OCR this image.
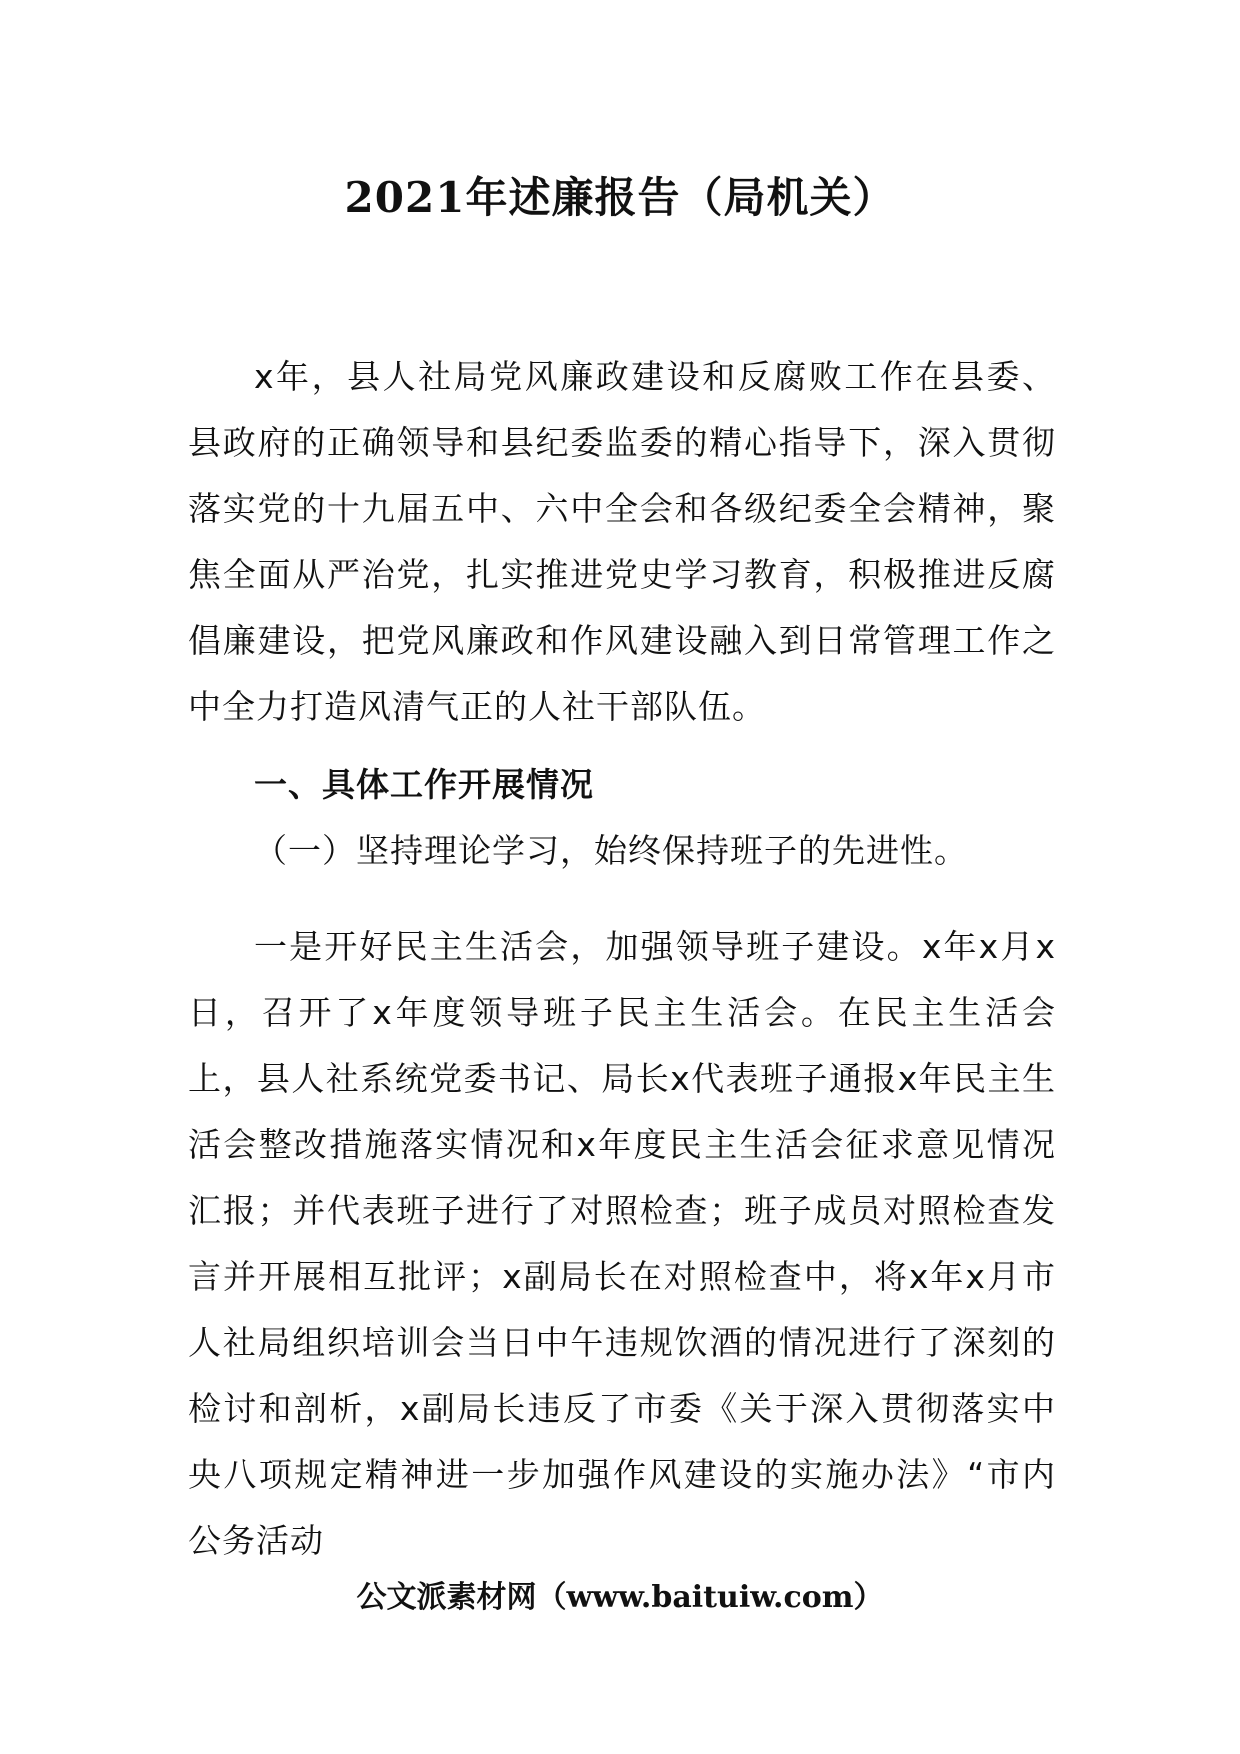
2021年述廉报告（局机关）

x年，县人社局党风廉政建设和反腐败工作在县委、县政府的正确领导和县纪委监委的精心指导下，深入贯彻落实党的十九届五中、六中全会和各级纪委全会精神，聚焦全面从严治党，扎实推进党史学习教育，积极推进反腐倡廉建设，把党风廉政和作风建设融入到日常管理工作之中全力打造风清气正的人社干部队伍。

一、具体工作开展情况
（一）坚持理论学习，始终保持班子的先进性。

一是开好民主生活会，加强领导班子建设。x年x月x日，召开了x年度领导班子民主生活会。在民主生活会上，县人社系统党委书记、局长x代表班子通报x年民主生活会整改措施落实情况和x年度民主生活会征求意见情况汇报；并代表班子进行了对照检查；班子成员对照检查发言并开展相互批评；x副局长在对照检查中，将x年x月市人社局组织培训会当日中午违规饮酒的情况进行了深刻的检讨和剖析，x副局长违反了市委《关于深入贯彻落实中央八项规定精神进一步加强作风建设的实施办法》“市内公务活动

公文派素材网（www.baituiw.com）
